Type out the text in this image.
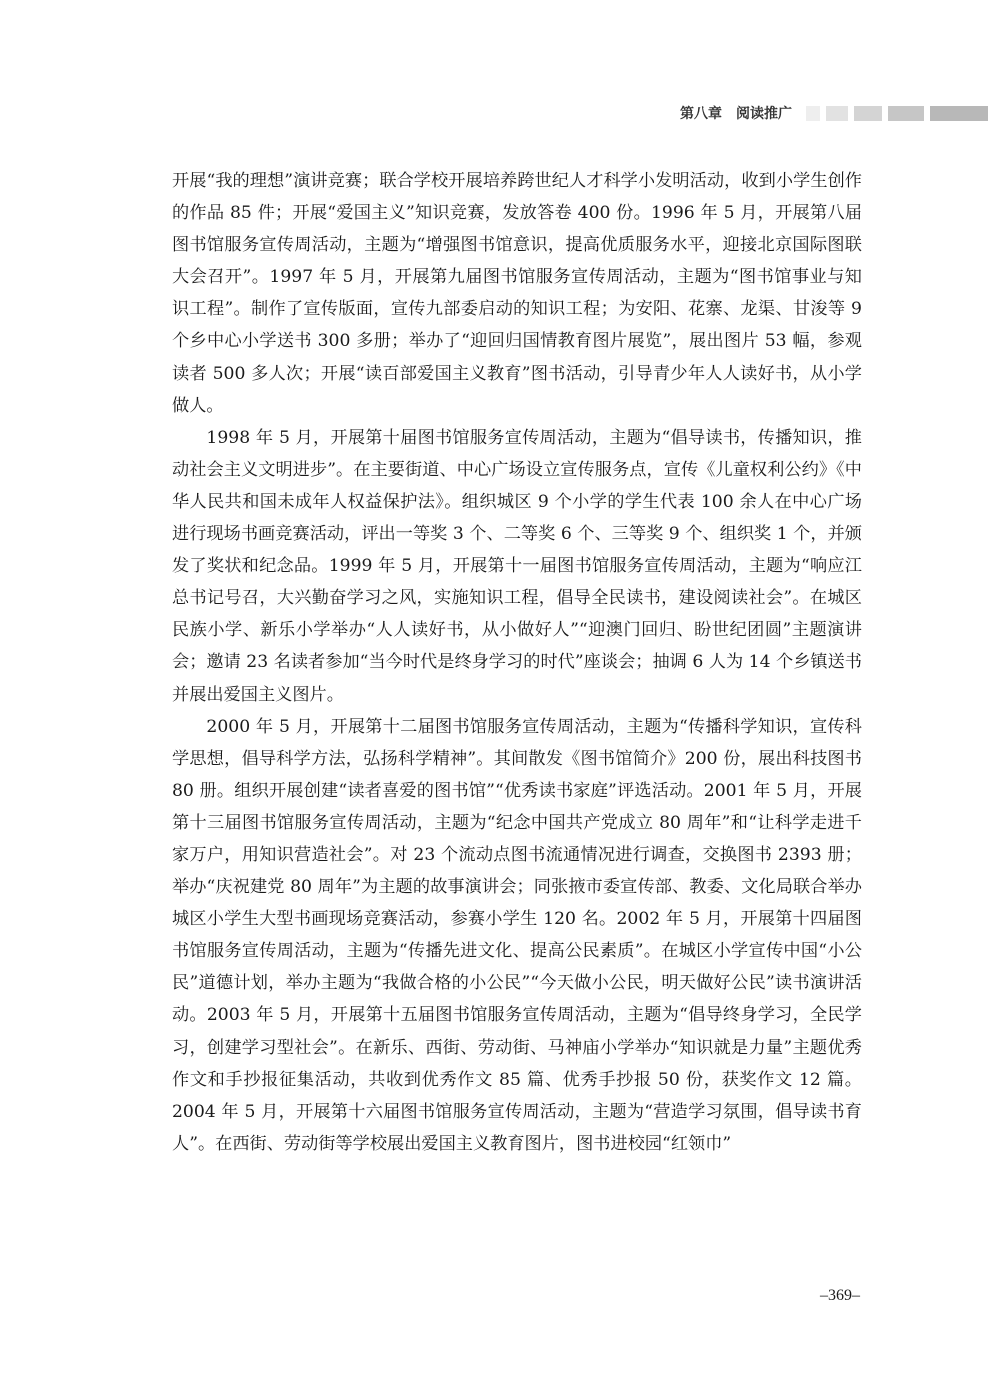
第八章　阅读推广

开展“我的理想”演讲竞赛；联合学校开展培养跨世纪人才科学小发明活动，收到小学生创作的作品 85 件；开展“爱国主义”知识竞赛，发放答卷 400 份。1996 年 5 月，开展第八届图书馆服务宣传周活动，主题为“增强图书馆意识，提高优质服务水平，迎接北京国际图联大会召开”。1997 年 5 月，开展第九届图书馆服务宣传周活动，主题为“图书馆事业与知识工程”。制作了宣传版面，宣传九部委启动的知识工程；为安阳、花寨、龙渠、甘浚等 9 个乡中心小学送书 300 多册；举办了“迎回归国情教育图片展览”，展出图片 53 幅，参观读者 500 多人次；开展“读百部爱国主义教育”图书活动，引导青少年人人读好书，从小学做人。

1998 年 5 月，开展第十届图书馆服务宣传周活动，主题为“倡导读书，传播知识，推动社会主义文明进步”。在主要街道、中心广场设立宣传服务点，宣传《儿童权利公约》《中华人民共和国未成年人权益保护法》。组织城区 9 个小学的学生代表 100 余人在中心广场进行现场书画竞赛活动，评出一等奖 3 个、二等奖 6 个、三等奖 9 个、组织奖 1 个，并颁发了奖状和纪念品。1999 年 5 月，开展第十一届图书馆服务宣传周活动，主题为“响应江总书记号召，大兴勤奋学习之风，实施知识工程，倡导全民读书，建设阅读社会”。在城区民族小学、新乐小学举办“人人读好书，从小做好人”“迎澳门回归、盼世纪团圆”主题演讲会；邀请 23 名读者参加“当今时代是终身学习的时代”座谈会；抽调 6 人为 14 个乡镇送书并展出爱国主义图片。

2000 年 5 月，开展第十二届图书馆服务宣传周活动，主题为“传播科学知识，宣传科学思想，倡导科学方法，弘扬科学精神”。其间散发《图书馆简介》200 份，展出科技图书 80 册。组织开展创建“读者喜爱的图书馆”“优秀读书家庭”评选活动。2001 年 5 月，开展第十三届图书馆服务宣传周活动，主题为“纪念中国共产党成立 80 周年”和“让科学走进千家万户，用知识营造社会”。对 23 个流动点图书流通情况进行调查，交换图书 2393 册；举办“庆祝建党 80 周年”为主题的故事演讲会；同张掖市委宣传部、教委、文化局联合举办城区小学生大型书画现场竞赛活动，参赛小学生 120 名。2002 年 5 月，开展第十四届图书馆服务宣传周活动，主题为“传播先进文化、提高公民素质”。在城区小学宣传中国“小公民”道德计划，举办主题为“我做合格的小公民”“今天做小公民，明天做好公民”读书演讲活动。2003 年 5 月，开展第十五届图书馆服务宣传周活动，主题为“倡导终身学习，全民学习，创建学习型社会”。在新乐、西街、劳动街、马神庙小学举办“知识就是力量”主题优秀作文和手抄报征集活动，共收到优秀作文 85 篇、优秀手抄报 50 份，获奖作文 12 篇。2004 年 5 月，开展第十六届图书馆服务宣传周活动，主题为“营造学习氛围，倡导读书育人”。在西街、劳动街等学校展出爱国主义教育图片，图书进校园“红领巾”

–369–
